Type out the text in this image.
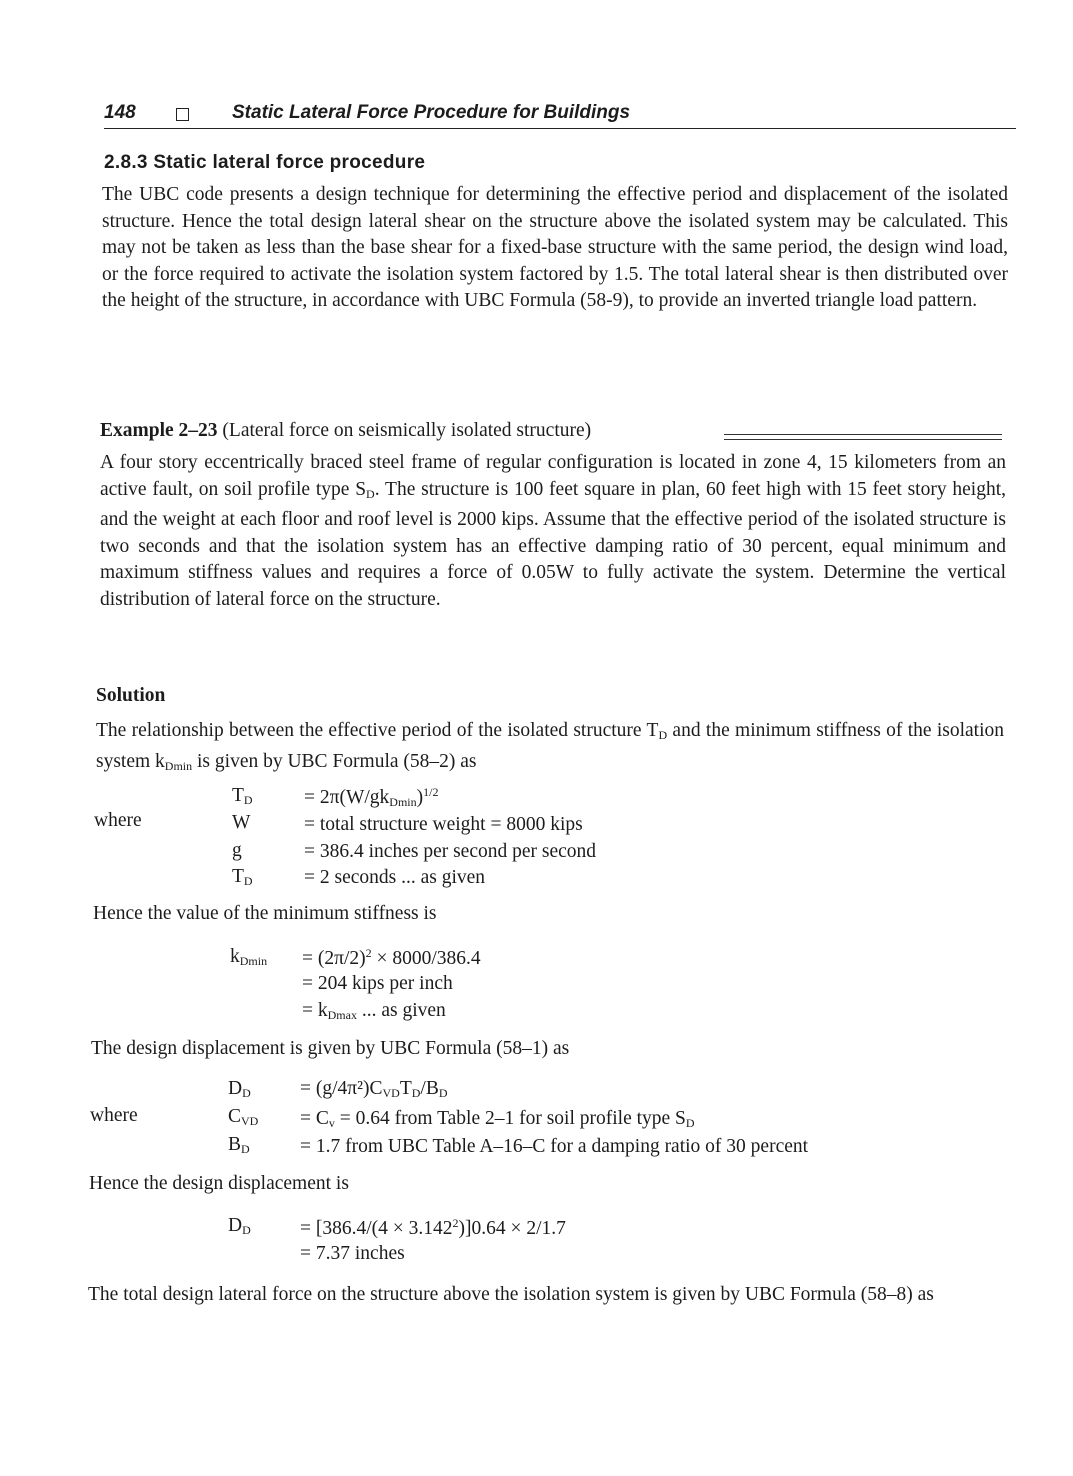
148	Static Lateral Force Procedure for Buildings
2.8.3 Static lateral force procedure
The UBC code presents a design technique for determining the effective period and displacement of the isolated structure. Hence the total design lateral shear on the structure above the isolated system may be calculated. This may not be taken as less than the base shear for a fixed-base structure with the same period, the design wind load, or the force required to activate the isolation system factored by 1.5. The total lateral shear is then distributed over the height of the structure, in accordance with UBC Formula (58-9), to provide an inverted triangle load pattern.
Example 2–23 (Lateral force on seismically isolated structure)
A four story eccentrically braced steel frame of regular configuration is located in zone 4, 15 kilometers from an active fault, on soil profile type $S_D$. The structure is 100 feet square in plan, 60 feet high with 15 feet story height, and the weight at each floor and roof level is 2000 kips. Assume that the effective period of the isolated structure is two seconds and that the isolation system has an effective damping ratio of 30 percent, equal minimum and maximum stiffness values and requires a force of 0.05W to fully activate the system. Determine the vertical distribution of lateral force on the structure.
Solution
The relationship between the effective period of the isolated structure $T_D$ and the minimum stiffness of the isolation system $k_{Dmin}$ is given by UBC Formula (58–2) as
$T_D$	= $2\pi(W/gk_{Dmin})^{1/2}$
where	W	= total structure weight = 8000 kips
g	= 386.4 inches per second per second
$T_D$	= 2 seconds ... as given
Hence the value of the minimum stiffness is
$k_{Dmin} = (2\pi/2)^2 \times 8000/386.4$
= 204 kips per inch
= $k_{Dmax}$ ... as given
The design displacement is given by UBC Formula (58–1) as
$D_D$	= $(g/4\pi^2)C_{VD}T_D/B_D$
where	$C_{VD} = C_v = 0.64$ from Table 2–1 for soil profile type $S_D$
$B_D$	= 1.7 from UBC Table A–16–C for a damping ratio of 30 percent
Hence the design displacement is
$D_D$	= $[386.4/(4 \times 3.142^2)]0.64 \times 2/1.7$
= 7.37 inches
The total design lateral force on the structure above the isolation system is given by UBC Formula (58–8) as
